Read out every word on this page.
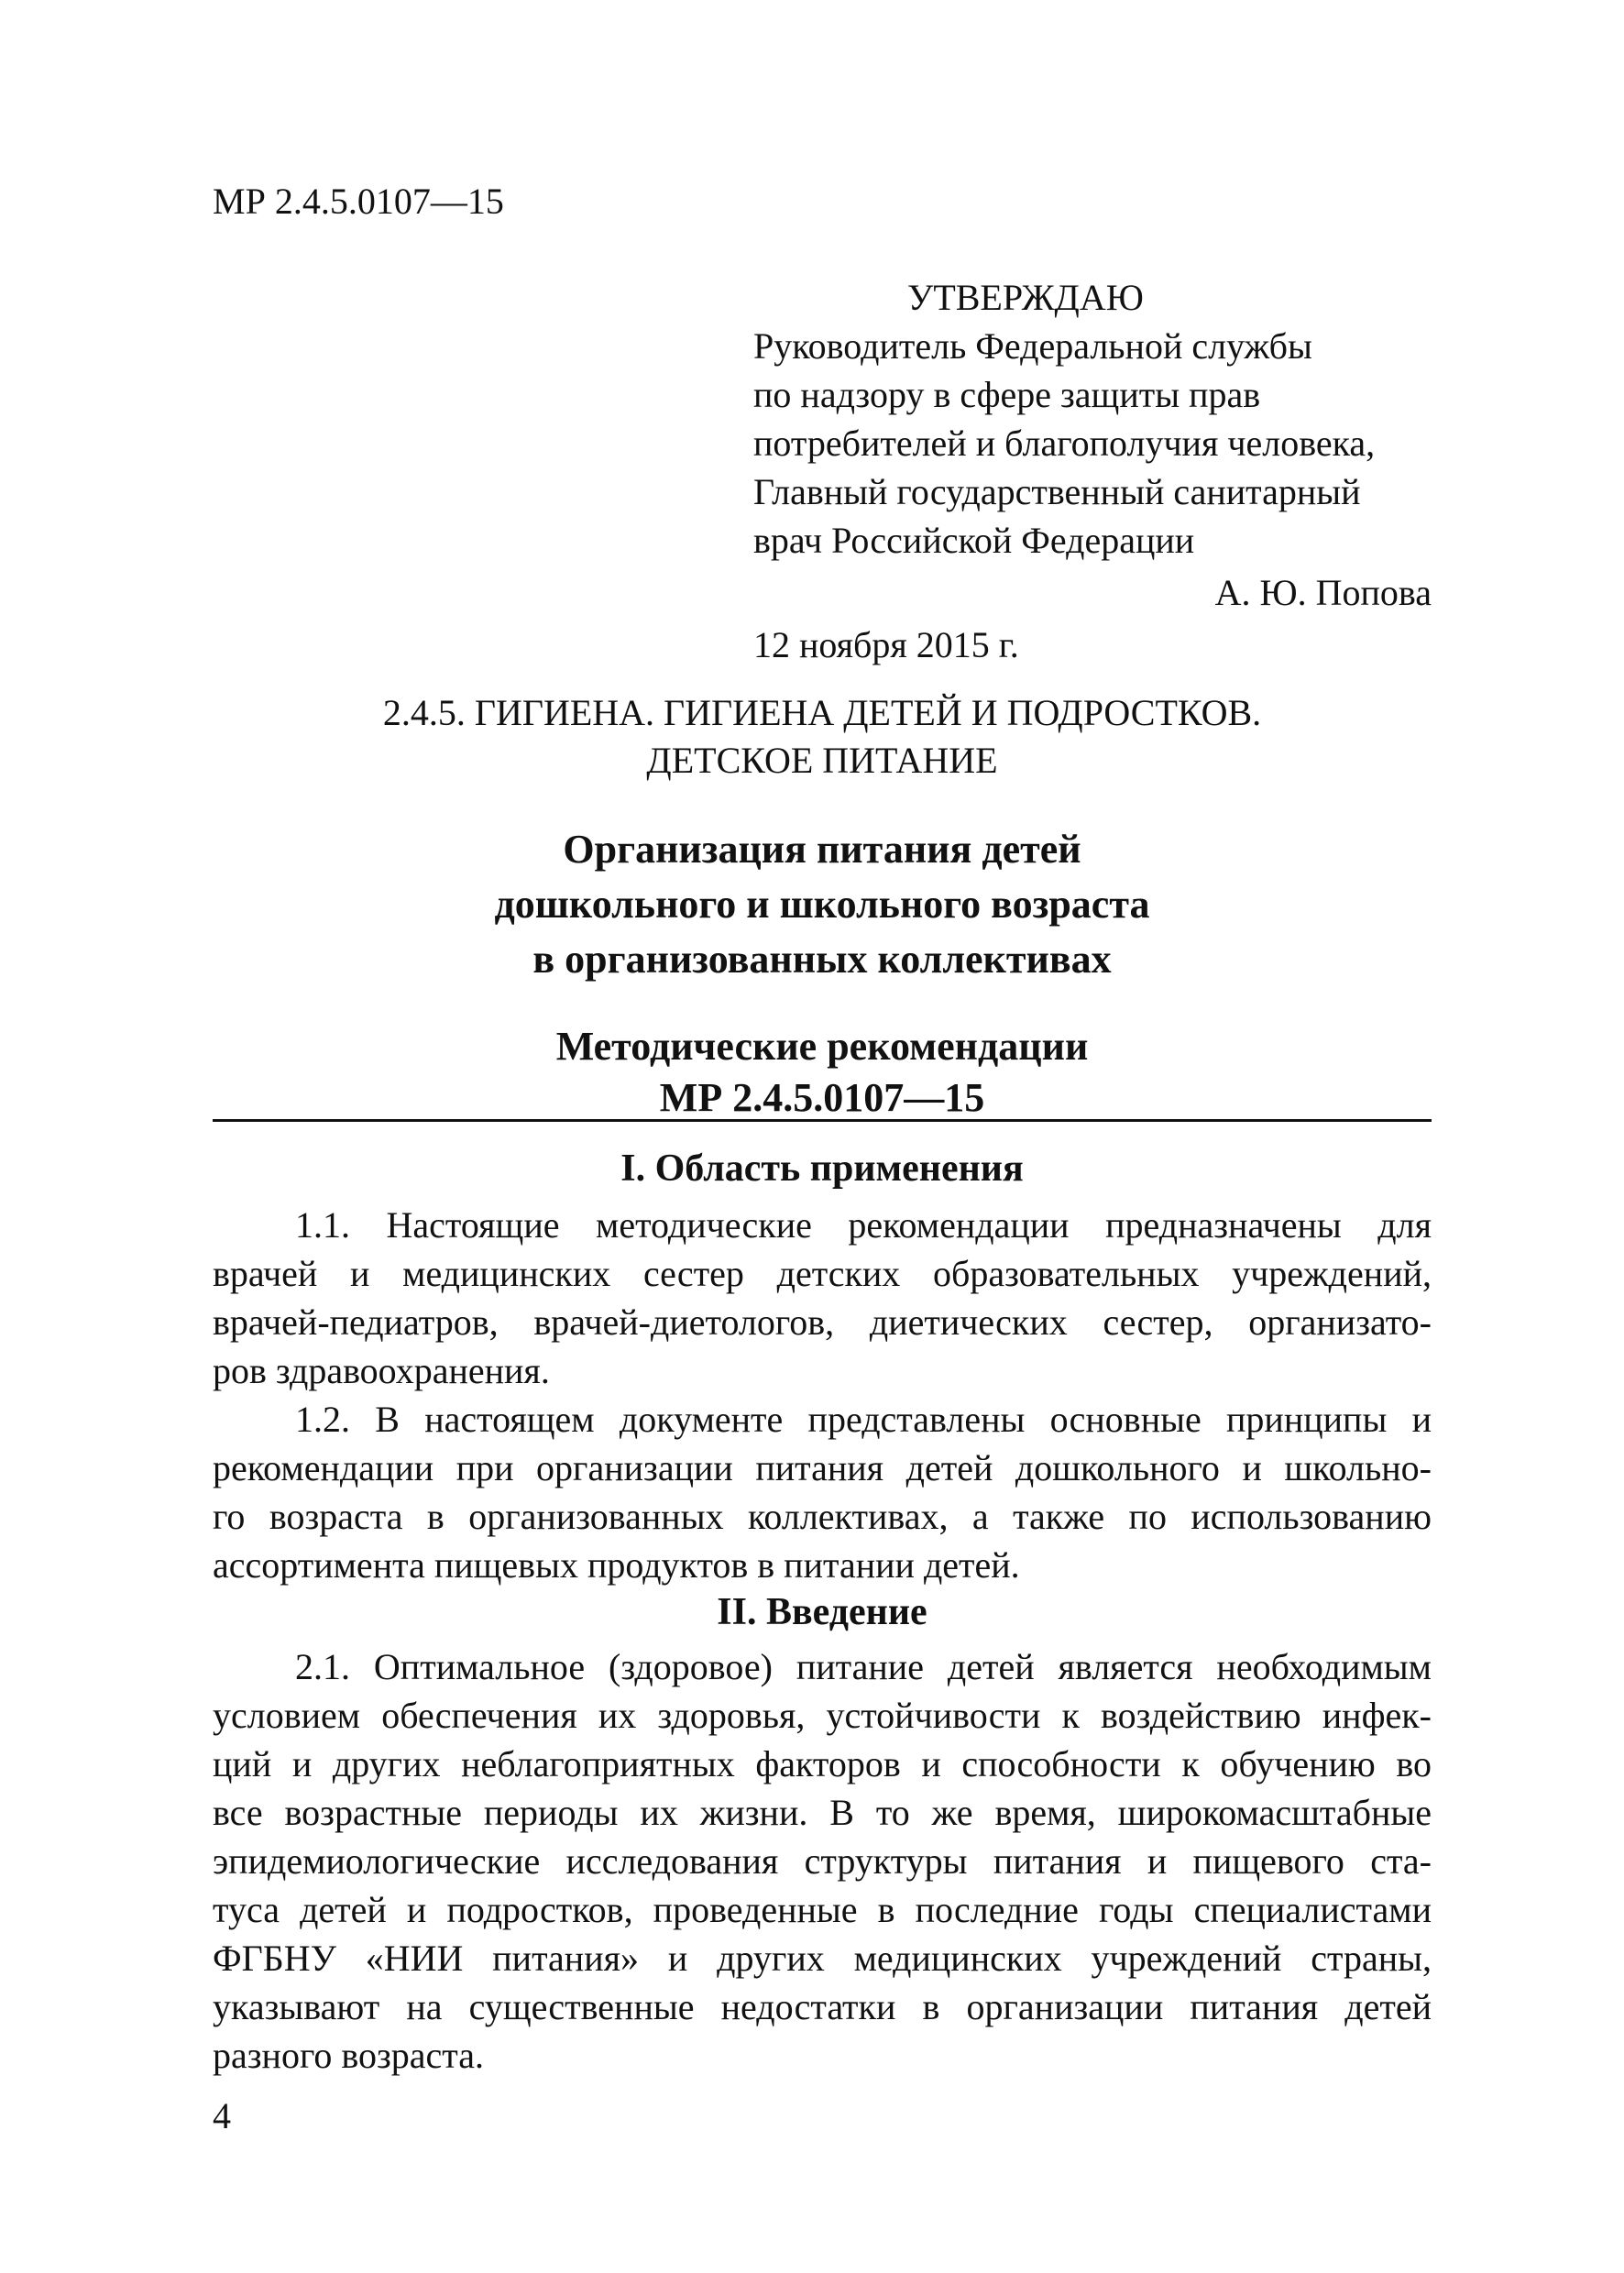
МР 2.4.5.0107—15
УТВЕРЖДАЮ
Руководитель Федеральной службы
по надзору в сфере защиты прав
потребителей и благополучия человека,
Главный государственный санитарный
врач Российской Федерации
А. Ю. Попова
12 ноября 2015 г.
2.4.5. ГИГИЕНА. ГИГИЕНА ДЕТЕЙ И ПОДРОСТКОВ.
ДЕТСКОЕ ПИТАНИЕ
Организация питания детей
дошкольного и школьного возраста
в организованных коллективах
Методические рекомендации
МР 2.4.5.0107—15
I. Область применения
1.1. Настоящие методические рекомендации предназначены для
врачей и медицинских сестер детских образовательных учреждений,
врачей-педиатров, врачей-диетологов, диетических сестер, организато-
ров здравоохранения.
1.2. В настоящем документе представлены основные принципы и
рекомендации при организации питания детей дошкольного и школьно-
го возраста в организованных коллективах, а также по использованию
ассортимента пищевых продуктов в питании детей.
II. Введение
2.1. Оптимальное (здоровое) питание детей является необходимым
условием обеспечения их здоровья, устойчивости к воздействию инфек-
ций и других неблагоприятных факторов и способности к обучению во
все возрастные периоды их жизни. В то же время, широкомасштабные
эпидемиологические исследования структуры питания и пищевого ста-
туса детей и подростков, проведенные в последние годы специалистами
ФГБНУ «НИИ питания» и других медицинских учреждений страны,
указывают на существенные недостатки в организации питания детей
разного возраста.
4
